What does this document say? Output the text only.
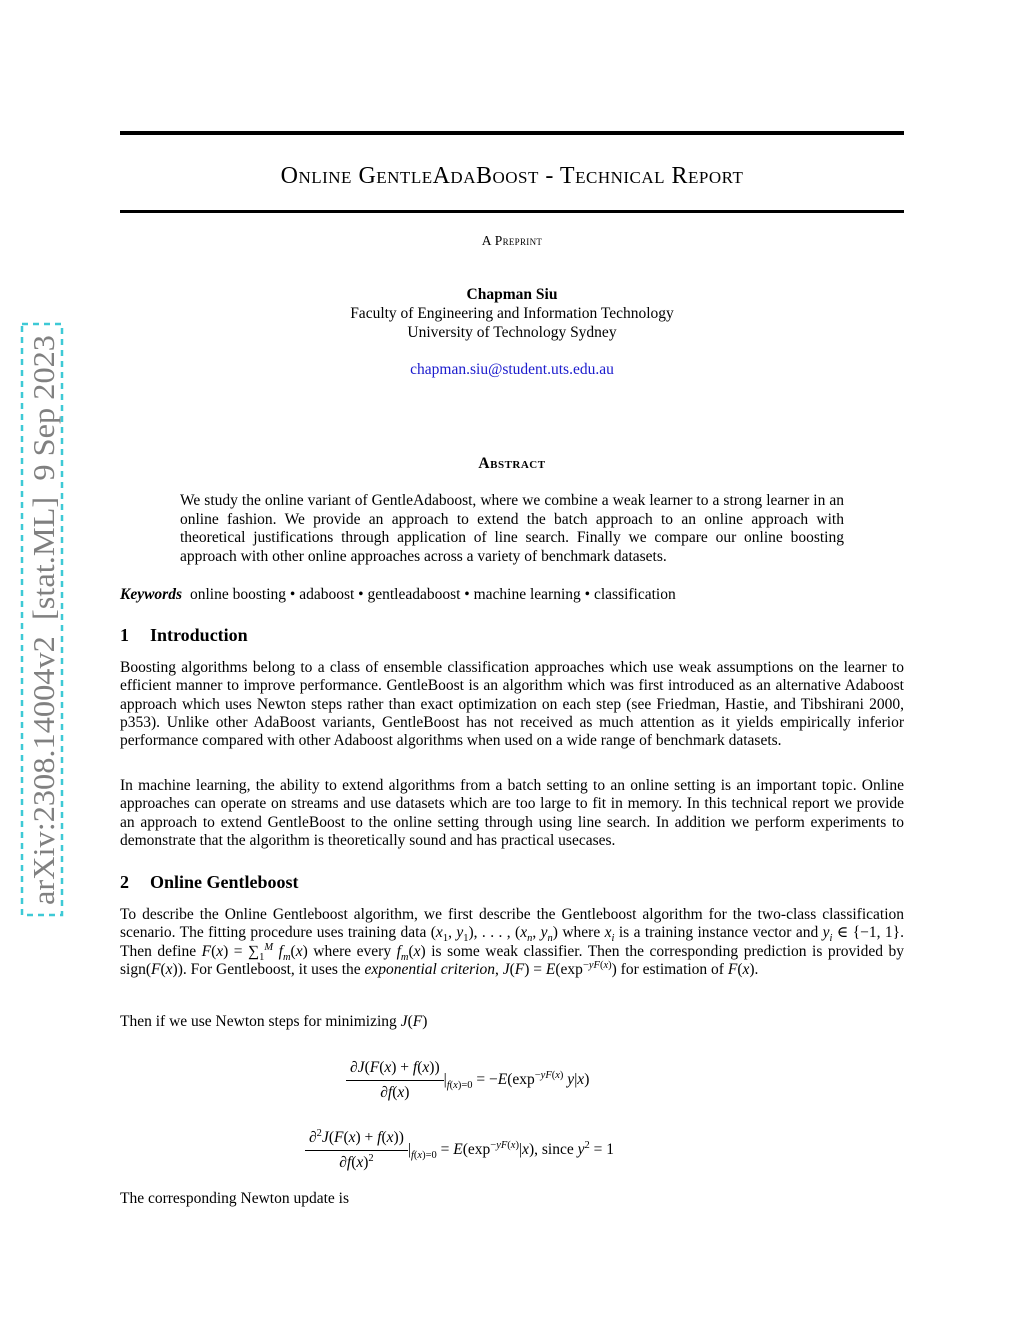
arXiv:2308.14004v2  [stat.ML]  9 Sep 2023
Online GentleAdaBoost - Technical Report
A Preprint
Chapman Siu
Faculty of Engineering and Information Technology
University of Technology Sydney
chapman.siu@student.uts.edu.au
Abstract
We study the online variant of GentleAdaboost, where we combine a weak learner to a strong learner in an online fashion. We provide an approach to extend the batch approach to an online approach with theoretical justifications through application of line search. Finally we compare our online boosting approach with other online approaches across a variety of benchmark datasets.
Keywords online boosting • adaboost • gentleadaboost • machine learning • classification
1 Introduction
Boosting algorithms belong to a class of ensemble classification approaches which use weak assumptions on the learner to efficient manner to improve performance. GentleBoost is an algorithm which was first introduced as an alternative Adaboost approach which uses Newton steps rather than exact optimization on each step (see Friedman, Hastie, and Tibshirani 2000, p353). Unlike other AdaBoost variants, GentleBoost has not received as much attention as it yields empirically inferior performance compared with other Adaboost algorithms when used on a wide range of benchmark datasets.
In machine learning, the ability to extend algorithms from a batch setting to an online setting is an important topic. Online approaches can operate on streams and use datasets which are too large to fit in memory. In this technical report we provide an approach to extend GentleBoost to the online setting through using line search. In addition we perform experiments to demonstrate that the algorithm is theoretically sound and has practical usecases.
2 Online Gentleboost
To describe the Online Gentleboost algorithm, we first describe the Gentleboost algorithm for the two-class classification scenario. The fitting procedure uses training data ($x_1$, $y_1$), . . . , ($x_n$, $y_n$) where $x_i$ is a training instance vector and $y_i$ ∈ {−1, 1}. Then define $F(x) = \sum_1^M$ $f_m(x)$ where every $f_m(x)$ is some weak classifier. Then the corresponding prediction is provided by sign(F(x)). For Gentleboost, it uses the exponential criterion, $J(F) = E(\exp^{-yF(x)})$ for estimation of F(x).
Then if we use Newton steps for minimizing J(F)
$\frac{\partial J(F(x) + f(x))}{\partial f(x)} |_{f(x)=0} = -E(\exp^{-yF(x)}$ y|x)
$\frac{\partial^2J(F(x) + f(x))}{\partial f(x)^2} |_{f(x)=0} = E(\exp^{-yF(x)}|x)$, since $y^2 = 1$
The corresponding Newton update is
